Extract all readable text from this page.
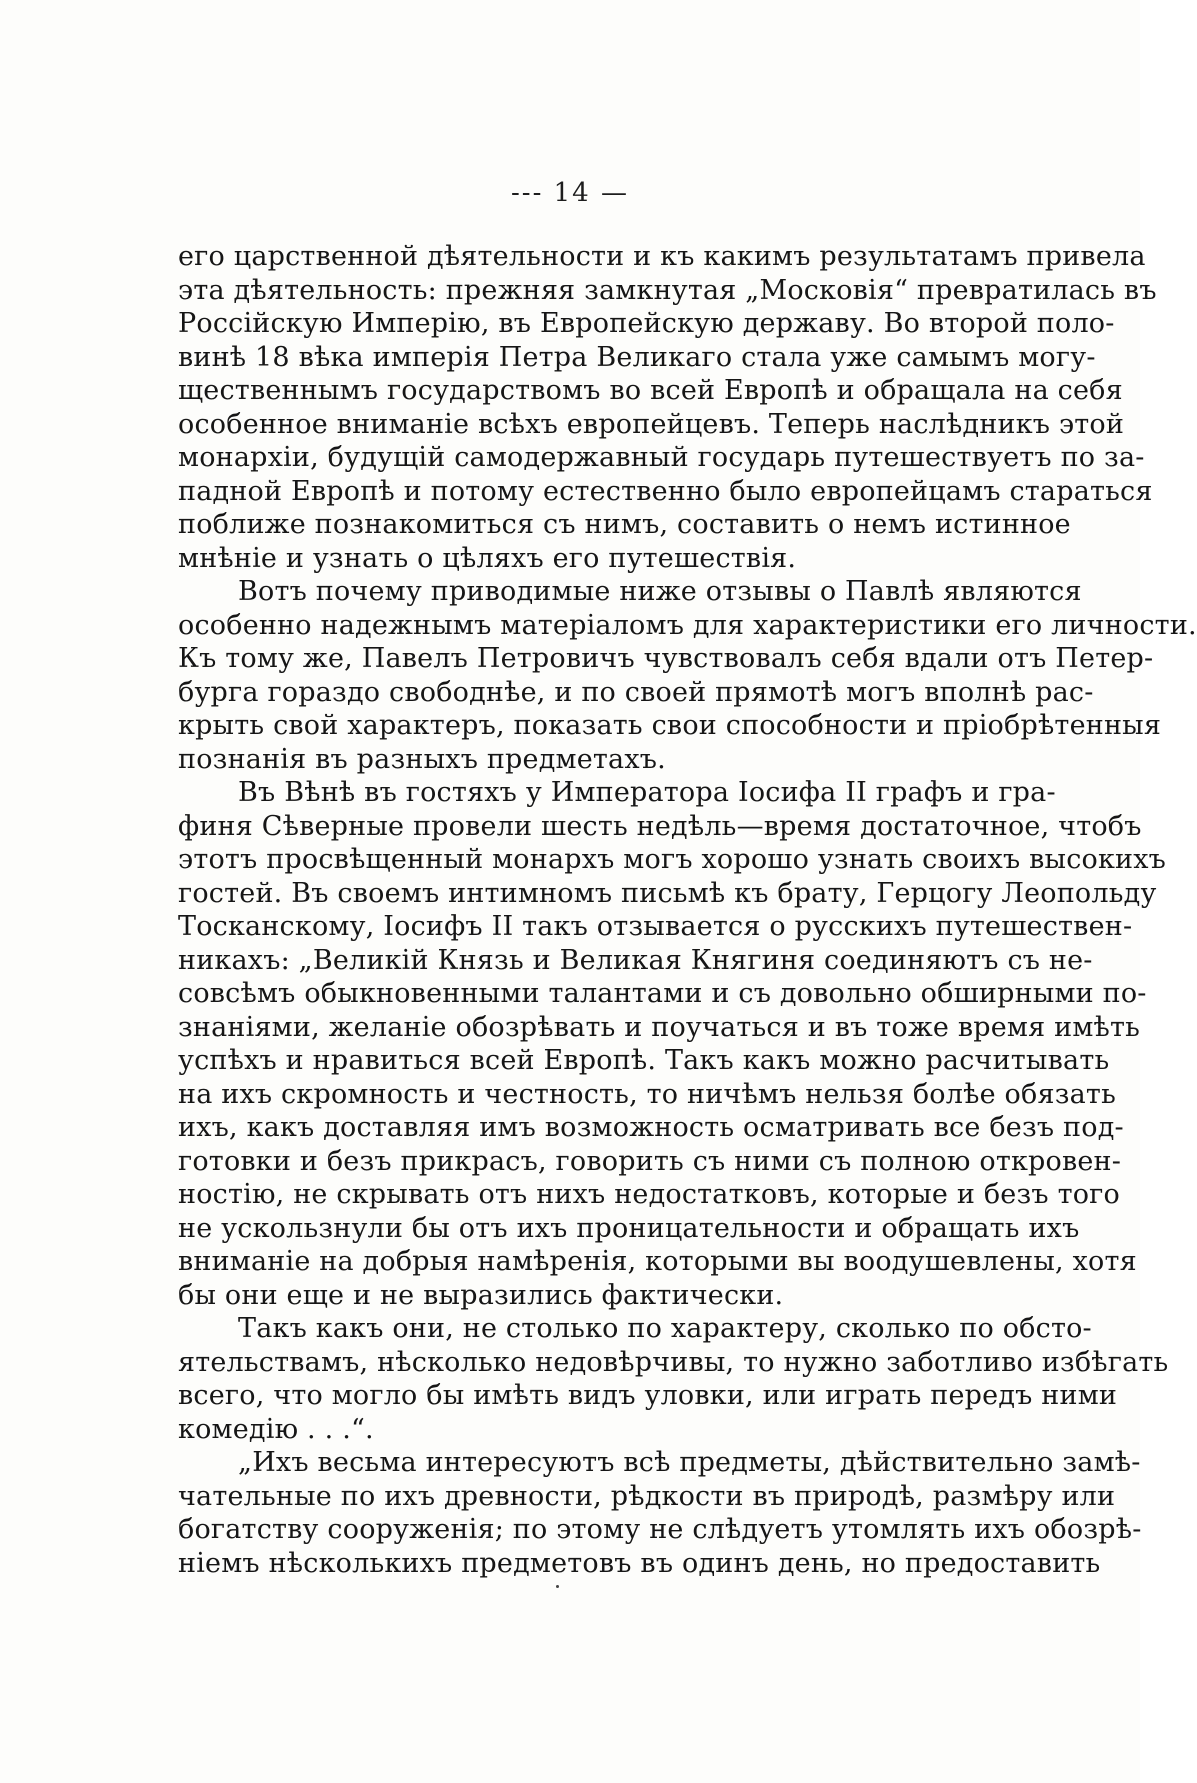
--- 14 —
его царственной дѣятельности и къ какимъ результатамъ привела
эта дѣятельность: прежняя замкнутая „Московія“ превратилась въ
Россійскую Имперію, въ Европейскую державу. Во второй поло-
винѣ 18 вѣка имперія Петра Великаго стала уже самымъ могу-
щественнымъ государствомъ во всей Европѣ и обращала на себя
особенное вниманіе всѣхъ европейцевъ. Теперь наслѣдникъ этой
монархіи, будущій самодержавный государь путешествуетъ по за-
падной Европѣ и потому естественно было европейцамъ стараться
поближе познакомиться съ нимъ, составить о немъ истинное
мнѣніе и узнать о цѣляхъ его путешествія.
Вотъ почему приводимые ниже отзывы о Павлѣ являются
особенно надежнымъ матеріаломъ для характеристики его личности.
Къ тому же, Павелъ Петровичъ чувствовалъ себя вдали отъ Петер-
бурга гораздо свободнѣе, и по своей прямотѣ могъ вполнѣ рас-
крыть свой характеръ, показать свои способности и пріобрѣтенныя
познанія въ разныхъ предметахъ.
Въ Вѣнѣ въ гостяхъ у Императора Іосифа II графъ и гра-
финя Сѣверные провели шесть недѣль—время достаточное, чтобъ
этотъ просвѣщенный монархъ могъ хорошо узнать своихъ высокихъ
гостей. Въ своемъ интимномъ письмѣ къ брату, Герцогу Леопольду
Тосканскому, Іосифъ II такъ отзывается о русскихъ путешествен-
никахъ: „Великій Князь и Великая Княгиня соединяютъ съ не-
совсѣмъ обыкновенными талантами и съ довольно обширными по-
знаніями, желаніе обозрѣвать и поучаться и въ тоже время имѣть
успѣхъ и нравиться всей Европѣ. Такъ какъ можно расчитывать
на ихъ скромность и честность, то ничѣмъ нельзя болѣе обязать
ихъ, какъ доставляя имъ возможность осматривать все безъ под-
готовки и безъ прикрасъ, говорить съ ними съ полною откровен-
ностію, не скрывать отъ нихъ недостатковъ, которые и безъ того
не ускользнули бы отъ ихъ проницательности и обращать ихъ
вниманіе на добрыя намѣренія, которыми вы воодушевлены, хотя
бы они еще и не выразились фактически.
Такъ какъ они, не столько по характеру, сколько по обсто-
ятельствамъ, нѣсколько недовѣрчивы, то нужно заботливо избѣгать
всего, что могло бы имѣть видъ уловки, или играть передъ ними
комедію . . .“.
„Ихъ весьма интересуютъ всѣ предметы, дѣйствительно замѣ-
чательные по ихъ древности, рѣдкости въ природѣ, размѣру или
богатству сооруженія; по этому не слѣдуетъ утомлять ихъ обозрѣ-
ніемъ нѣсколькихъ предметовъ въ одинъ день, но предоставить
